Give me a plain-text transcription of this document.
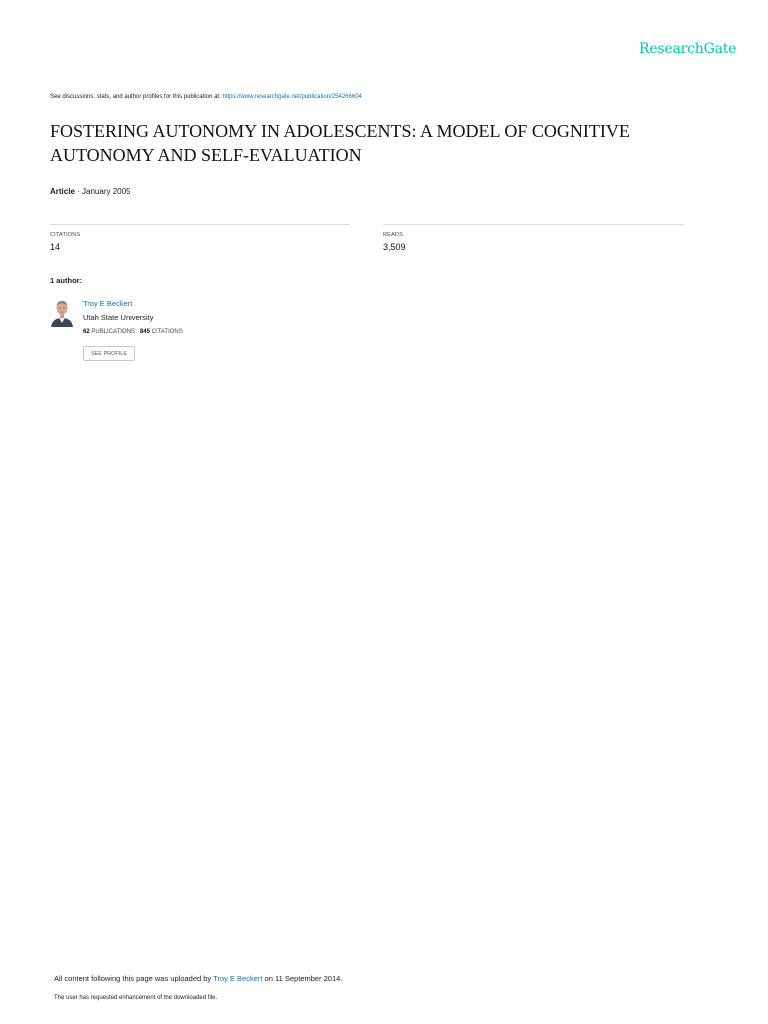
ResearchGate
See discussions, stats, and author profiles for this publication at: https://www.researchgate.net/publication/254266604
FOSTERING AUTONOMY IN ADOLESCENTS: A MODEL OF COGNITIVE AUTONOMY AND SELF-EVALUATION
Article · January 2005
CITATIONS
14
READS
3,509
1 author:
Troy E Beckert
Utah State University
62 PUBLICATIONS 845 CITATIONS
SEE PROFILE
All content following this page was uploaded by Troy E Beckert on 11 September 2014.
The user has requested enhancement of the downloaded file.
